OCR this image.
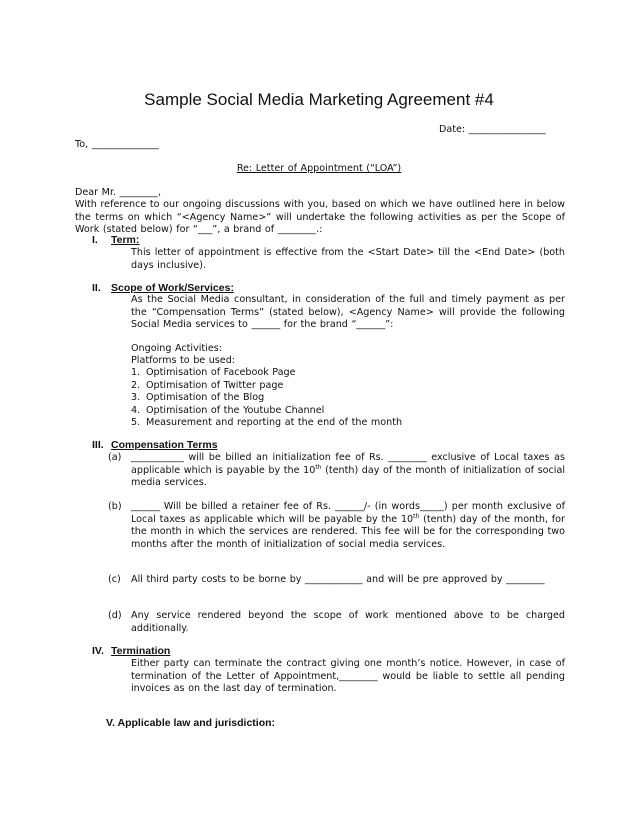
Sample Social Media Marketing Agreement #4
Date: ________________
To, ______________
Re: Letter of Appointment (“LOA”)
Dear Mr. ________,
With reference to our ongoing discussions with you, based on which we have outlined here in below the terms on which “<Agency Name>” will undertake the following activities as per the Scope of Work (stated below) for “___”, a brand of ________.:
I. Term:
This letter of appointment is effective from the <Start Date> till the <End Date> (both days inclusive).
II. Scope of Work/Services:
As the Social Media consultant, in consideration of the full and timely payment as per the “Compensation Terms” (stated below), <Agency Name> will provide the following Social Media services to ______ for the brand “______”:
Ongoing Activities:
Platforms to be used:
1. Optimisation of Facebook Page
2. Optimisation of Twitter page
3. Optimisation of the Blog
4. Optimisation of the Youtube Channel
5. Measurement and reporting at the end of the month
III. Compensation Terms
(a) ___________ will be billed an initialization fee of Rs. ________ exclusive of Local taxes as applicable which is payable by the 10th (tenth) day of the month of initialization of social media services.
(b) ______ Will be billed a retainer fee of Rs. ______/- (in words_____) per month exclusive of Local taxes as applicable which will be payable by the 10th (tenth) day of the month, for the month in which the services are rendered. This fee will be for the corresponding two months after the month of initialization of social media services.
(c) All third party costs to be borne by ____________ and will be pre approved by ________
(d) Any service rendered beyond the scope of work mentioned above to be charged additionally.
IV. Termination
Either party can terminate the contract giving one month’s notice. However, in case of termination of the Letter of Appointment,________ would be liable to settle all pending invoices as on the last day of termination.
V. Applicable law and jurisdiction:
